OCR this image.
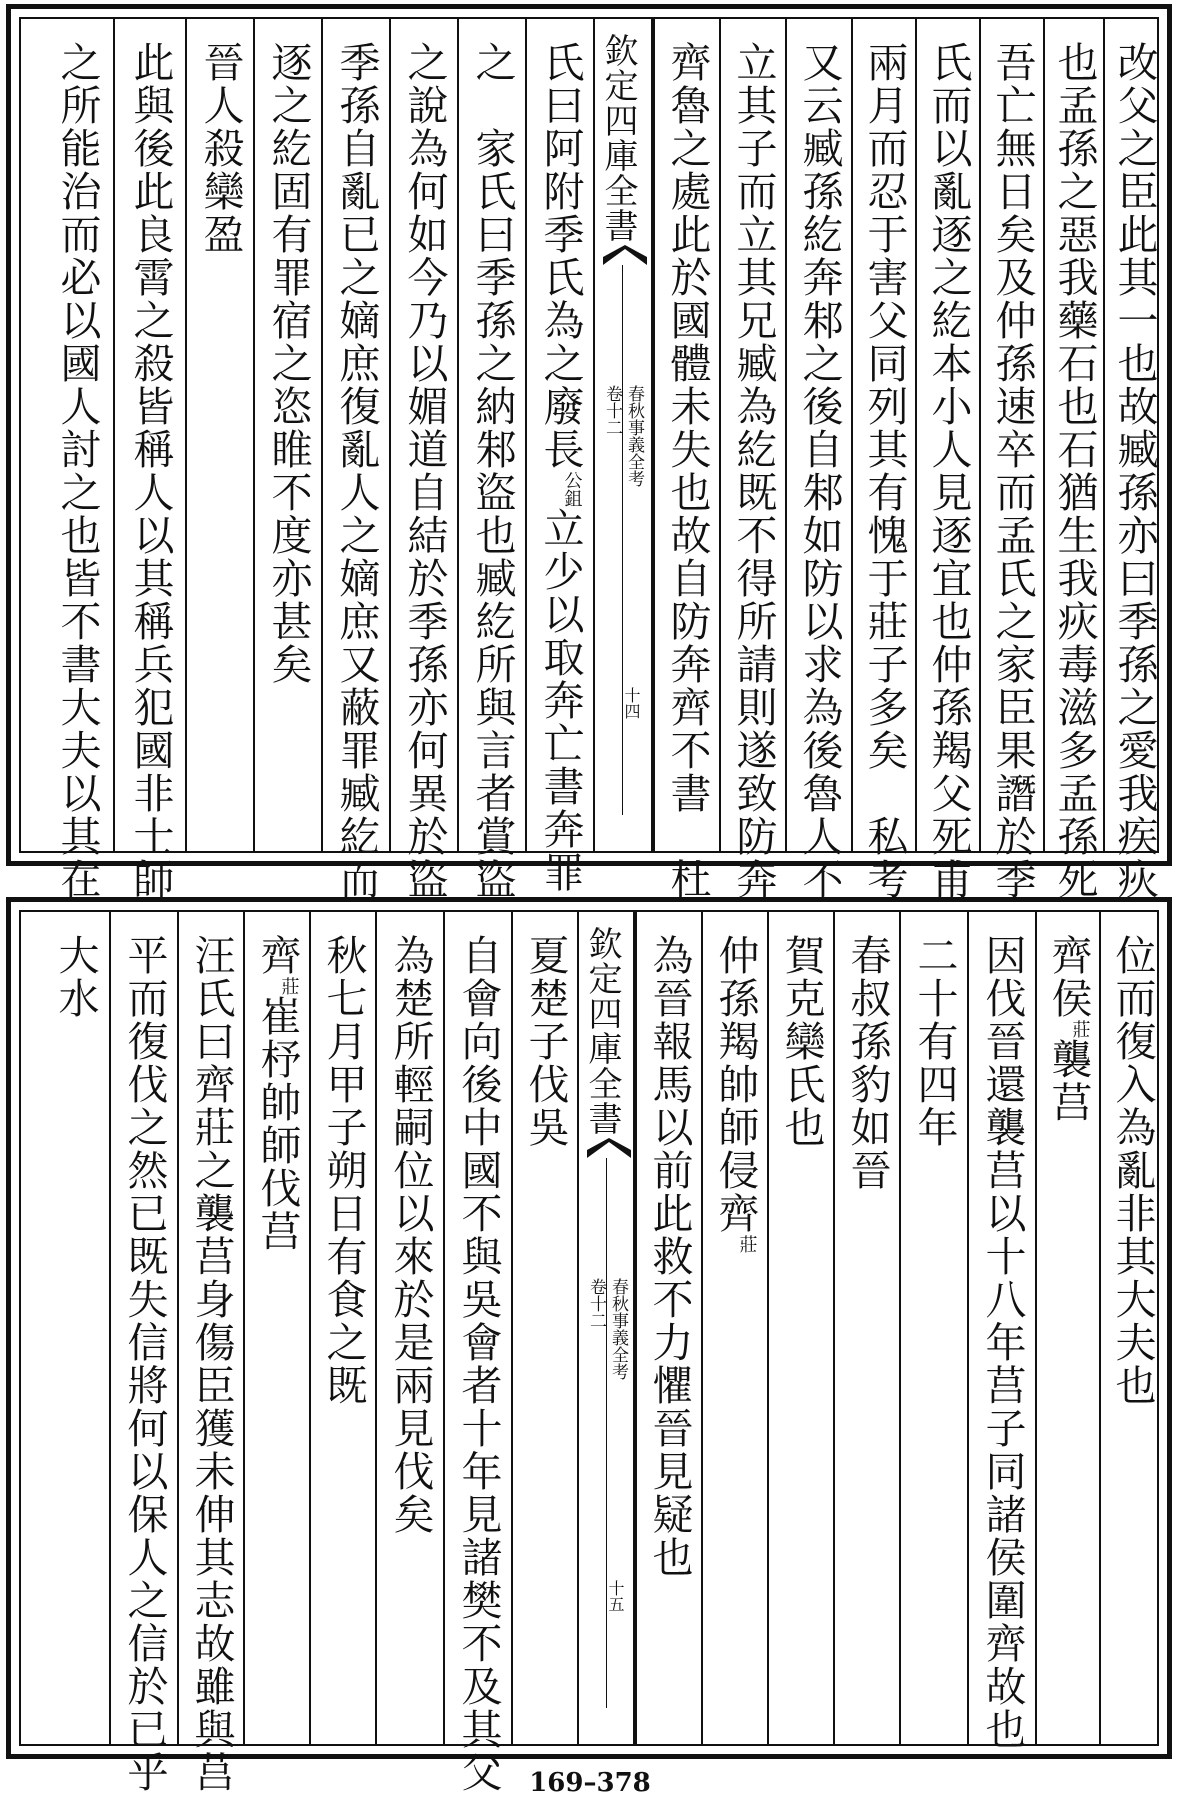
改父之臣此其一也故臧孫亦曰季孫之愛我疾疢
也孟孫之惡我藥石也石猶生我疢毒滋多孟孫死
吾亡無日矣及仲孫速卒而孟氏之家臣果譖於季
氏而以亂逐之紇本小人見逐宜也仲孫羯父死甫
兩月而忍于害父同列其有愧于莊子多矣　私考
又云臧孫紇奔邾之後自邾如防以求為後魯人不
立其子而立其兄臧為紇既不得所請則遂致防奔
齊魯之處此於國體未失也故自防奔齊不書　杜
欽定四庫全書
春秋事義全考
卷十二
十四
氏曰阿附季氏為之廢長$^{公鉏}$立少以取奔亡書奔罪
之　家氏曰季孫之納邾盜也臧紇所與言者賞盜
之說為何如今乃以媚道自結於季孫亦何異於盜
季孫自亂已之嫡庶復亂人之嫡庶又蔽罪臧紇而
逐之紇固有罪宿之恣睢不度亦甚矣
晉人殺欒盈
此與後此良霄之殺皆稱人以其稱兵犯國非士師
之所能治而必以國人討之也皆不書大夫以其在
位而復入為亂非其大夫也
齊侯$^莊$襲莒
因伐晉還襲莒以十八年莒子同諸侯圍齊故也
二十有四年
春叔孫豹如晉
賀克欒氏也
仲孫羯帥師侵齊$^莊$
為晉報馬以前此救不力懼晉見疑也
欽定四庫全書
春秋事義全考
卷十二
十五
夏楚子伐吳
自會向後中國不與吳會者十年見諸樊不及其父
為楚所輕嗣位以來於是兩見伐矣
秋七月甲子朔日有食之既
齊$^莊$崔杼帥師伐莒
汪氏曰齊莊之襲莒身傷臣獲未伸其志故雖與莒
平而復伐之然已既失信將何以保人之信於已乎
大水
169–378
